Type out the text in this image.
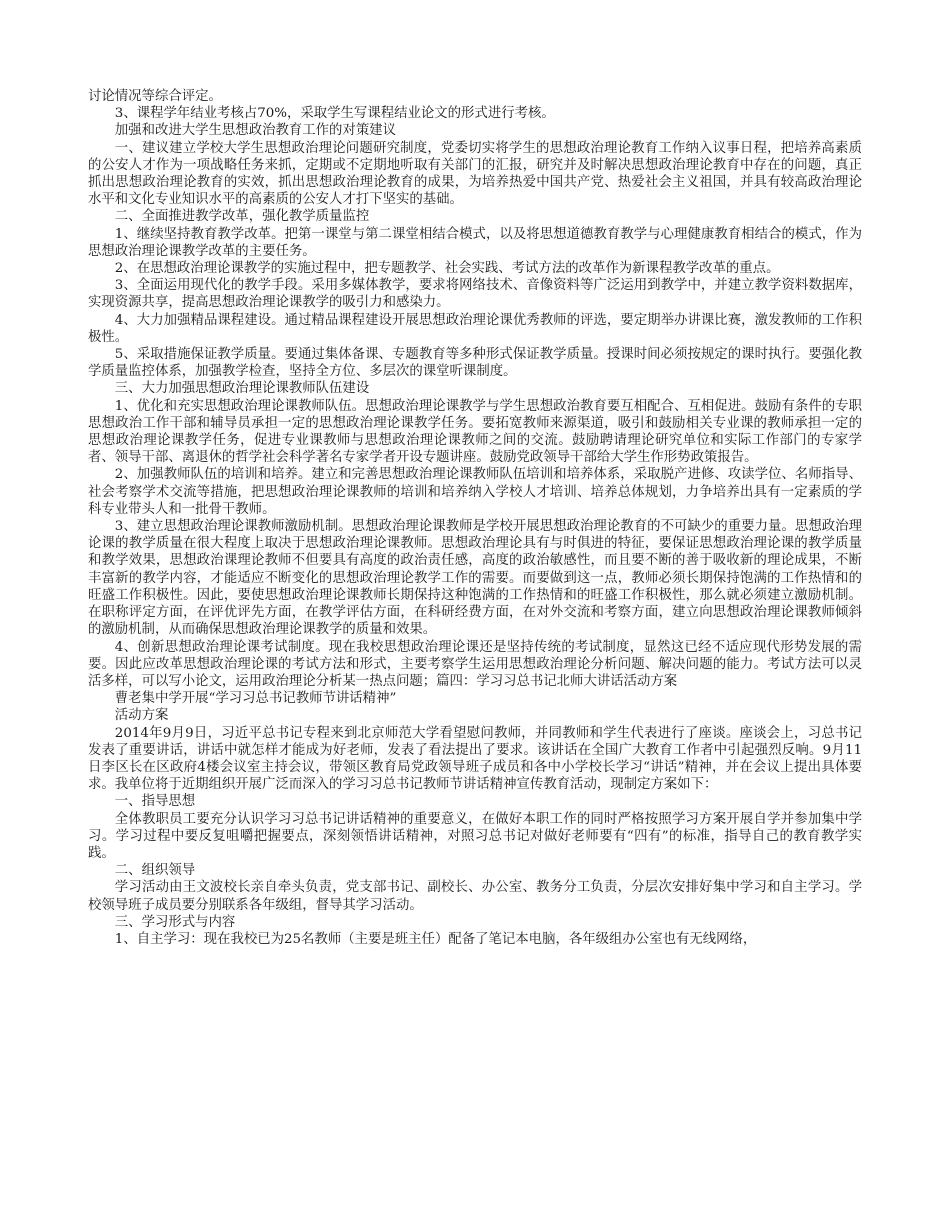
讨论情况等综合评定。

3、课程学年结业考核占70%，采取学生写课程结业论文的形式进行考核。

加强和改进大学生思想政治教育工作的对策建议

一、建议建立学校大学生思想政治理论问题研究制度，党委切实将学生的思想政治理论教育工作纳入议事日程，把培养高素质的公安人才作为一项战略任务来抓，定期或不定期地听取有关部门的汇报，研究并及时解决思想政治理论教育中存在的问题，真正抓出思想政治理论教育的实效，抓出思想政治理论教育的成果，为培养热爱中国共产党、热爱社会主义祖国，并具有较高政治理论水平和文化专业知识水平的高素质的公安人才打下坚实的基础。

二、全面推进教学改革，强化教学质量监控

1、继续坚持教育教学改革。把第一课堂与第二课堂相结合模式，以及将思想道德教育教学与心理健康教育相结合的模式，作为思想政治理论课教学改革的主要任务。

2、在思想政治理论课教学的实施过程中，把专题教学、社会实践、考试方法的改革作为新课程教学改革的重点。

3、全面运用现代化的教学手段。采用多媒体教学，要求将网络技术、音像资料等广泛运用到教学中，并建立教学资料数据库，实现资源共享，提高思想政治理论课教学的吸引力和感染力。

4、大力加强精品课程建设。通过精品课程建设开展思想政治理论课优秀教师的评选，要定期举办讲课比赛，激发教师的工作积极性。

5、采取措施保证教学质量。要通过集体备课、专题教育等多种形式保证教学质量。授课时间必须按规定的课时执行。要强化教学质量监控体系，加强教学检查，坚持全方位、多层次的课堂听课制度。

三、大力加强思想政治理论课教师队伍建设

1、优化和充实思想政治理论课教师队伍。思想政治理论课教学与学生思想政治教育要互相配合、互相促进。鼓励有条件的专职思想政治工作干部和辅导员承担一定的思想政治理论课教学任务。要拓宽教师来源渠道，吸引和鼓励相关专业课的教师承担一定的思想政治理论课教学任务，促进专业课教师与思想政治理论课教师之间的交流。鼓励聘请理论研究单位和实际工作部门的专家学者、领导干部、离退休的哲学社会科学著名专家学者开设专题讲座。鼓励党政领导干部给大学生作形势政策报告。

2、加强教师队伍的培训和培养。建立和完善思想政治理论课教师队伍培训和培养体系，采取脱产进修、攻读学位、名师指导、社会考察学术交流等措施，把思想政治理论课教师的培训和培养纳入学校人才培训、培养总体规划，力争培养出具有一定素质的学科专业带头人和一批骨干教师。

3、建立思想政治理论课教师激励机制。思想政治理论课教师是学校开展思想政治理论教育的不可缺少的重要力量。思想政治理论课的教学质量在很大程度上取决于思想政治理论课教师。思想政治理论具有与时俱进的特征，要保证思想政治理论课的教学质量和教学效果，思想政治课理论教师不但要具有高度的政治责任感，高度的政治敏感性，而且要不断的善于吸收新的理论成果，不断丰富新的教学内容，才能适应不断变化的思想政治理论教学工作的需要。而要做到这一点，教师必须长期保持饱满的工作热情和的旺盛工作积极性。因此，要使思想政治理论课教师长期保持这种饱满的工作热情和的旺盛工作积极性，那么就必须建立激励机制。在职称评定方面，在评优评先方面，在教学评估方面，在科研经费方面，在对外交流和考察方面，建立向思想政治理论课教师倾斜的激励机制，从而确保思想政治理论课教学的质量和效果。

4、创新思想政治理论课考试制度。现在我校思想政治理论课还是坚持传统的考试制度，显然这已经不适应现代形势发展的需要。因此应改革思想政治理论课的考试方法和形式，主要考察学生运用思想政治理论分析问题、解决问题的能力。考试方法可以灵活多样，可以写小论文，运用政治理论分析某一热点问题；篇四：学习习总书记北师大讲话活动方案

曹老集中学开展“学习习总书记教师节讲话精神”

活动方案

2014年9月9日，习近平总书记专程来到北京师范大学看望慰问教师，并同教师和学生代表进行了座谈。座谈会上，习总书记发表了重要讲话，讲话中就怎样才能成为好老师，发表了看法提出了要求。该讲话在全国广大教育工作者中引起强烈反响。9月11日李区长在区政府4楼会议室主持会议，带领区教育局党政领导班子成员和各中小学校长学习“讲话”精神，并在会议上提出具体要求。我单位将于近期组织开展广泛而深入的学习习总书记教师节讲话精神宣传教育活动，现制定方案如下：

一、指导思想

全体教职员工要充分认识学习习总书记讲话精神的重要意义，在做好本职工作的同时严格按照学习方案开展自学并参加集中学习。学习过程中要反复咀嚼把握要点，深刻领悟讲话精神，对照习总书记对做好老师要有“四有”的标准，指导自己的教育教学实践。

二、组织领导

学习活动由王文波校长亲自牵头负责，党支部书记、副校长、办公室、教务分工负责，分层次安排好集中学习和自主学习。学校领导班子成员要分别联系各年级组，督导其学习活动。

三、学习形式与内容

1、自主学习：现在我校已为25名教师（主要是班主任）配备了笔记本电脑，各年级组办公室也有无线网络，
